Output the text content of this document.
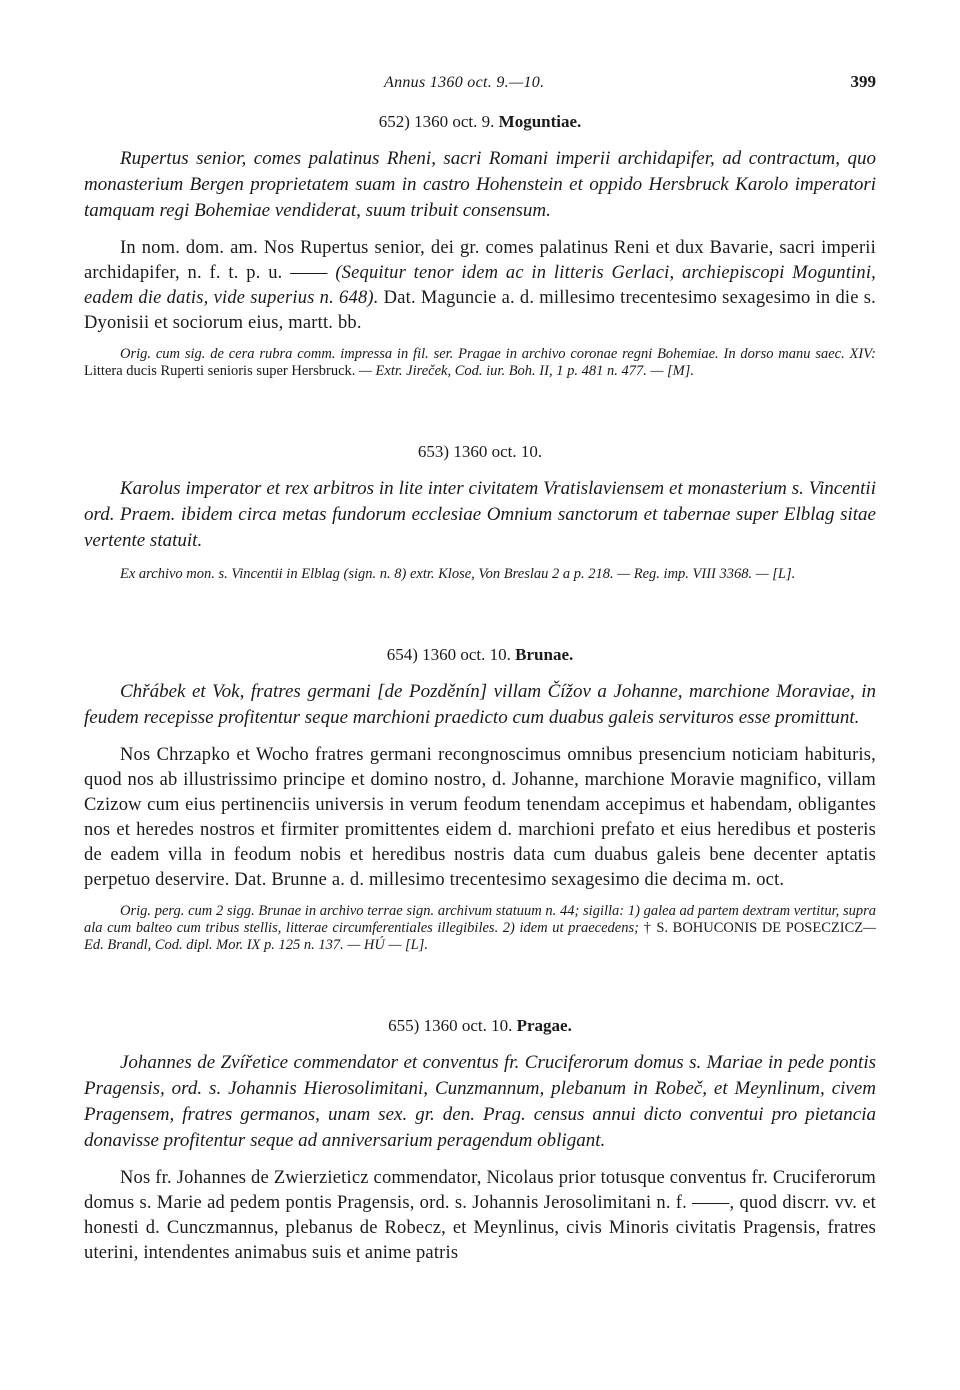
Annus 1360 oct. 9.—10.	399
652) 1360 oct. 9. Moguntiae.

Rupertus senior, comes palatinus Rheni, sacri Romani imperii archidapifer, ad contractum, quo monasterium Bergen proprietatem suam in castro Hohenstein et oppido Hersbruck Karolo imperatori tamquam regi Bohemiae vendiderat, suum tribuit consensum.

In nom. dom. am. Nos Rupertus senior, dei gr. comes palatinus Reni et dux Bavarie, sacri imperii archidapifer, n. f. t. p. u. —— (Sequitur tenor idem ac in litteris Gerlaci, archiepiscopi Moguntini, eadem die datis, vide superius n. 648). Dat. Maguncie a. d. millesimo trecentesimo sexagesimo in die s. Dyonisii et sociorum eius, martt. bb.

Orig. cum sig. de cera rubra comm. impressa in fil. ser. Pragae in archivo coronae regni Bohemiae. In dorso manu saec. XIV: Littera ducis Ruperti senioris super Hersbruck. — Extr. Jireček, Cod. iur. Boh. II, 1 p. 481 n. 477. — [M].

653) 1360 oct. 10.

Karolus imperator et rex arbitros in lite inter civitatem Vratislaviensem et monasterium s. Vincentii ord. Praem. ibidem circa metas fundorum ecclesiae Omnium sanctorum et tabernae super Elblag sitae vertente statuit.

Ex archivo mon. s. Vincentii in Elblag (sign. n. 8) extr. Klose, Von Breslau 2 a p. 218. — Reg. imp. VIII 3368. — [L].

654) 1360 oct. 10. Brunae.

Chřábek et Vok, fratres germani [de Pozděnín] villam Čížov a Johanne, marchione Moraviae, in feudem recepisse profitentur seque marchioni praedicto cum duabus galeis servituros esse promittunt.

Nos Chrzapko et Wocho fratres germani recongnoscimus omnibus presencium noticiam habituris, quod nos ab illustrissimo principe et domino nostro, d. Johanne, marchione Moravie magnifico, villam Czizow cum eius pertinenciis universis in verum feodum tenendam accepimus et habendam, obligantes nos et heredes nostros et firmiter promittentes eidem d. marchioni prefato et eius heredibus et posteris de eadem villa in feodum nobis et heredibus nostris data cum duabus galeis bene decenter aptatis perpetuo deservire. Dat. Brunne a. d. millesimo trecentesimo sexagesimo die decima m. oct.

Orig. perg. cum 2 sigg. Brunae in archivo terrae sign. archivum statuum n. 44; sigilla: 1) galea ad partem dextram vertitur, supra ala cum balteo cum tribus stellis, litterae circumferentiales illegibiles. 2) idem ut praecedens; † S. BOHUCONIS DE POSECZICZ—Ed. Brandl, Cod. dipl. Mor. IX p. 125 n. 137. — HÚ — [L].

655) 1360 oct. 10. Pragae.

Johannes de Zvířetice commendator et conventus fr. Cruciferorum domus s. Mariae in pede pontis Pragensis, ord. s. Johannis Hierosolimitani, Cunzmannum, plebanum in Robeč, et Meynlinum, civem Pragensem, fratres germanos, unam sex. gr. den. Prag. census annui dicto conventui pro pietancia donavisse profitentur seque ad anniversarium peragendum obligant.

Nos fr. Johannes de Zwierzieticz commendator, Nicolaus prior totusque conventus fr. Cruciferorum domus s. Marie ad pedem pontis Pragensis, ord. s. Johannis Jerosolimitani n. f. ——, quod discrr. vv. et honesti d. Cunczmannus, plebanus de Robecz, et Meynlinus, civis Minoris civitatis Pragensis, fratres uterini, intendentes animabus suis et anime patris
